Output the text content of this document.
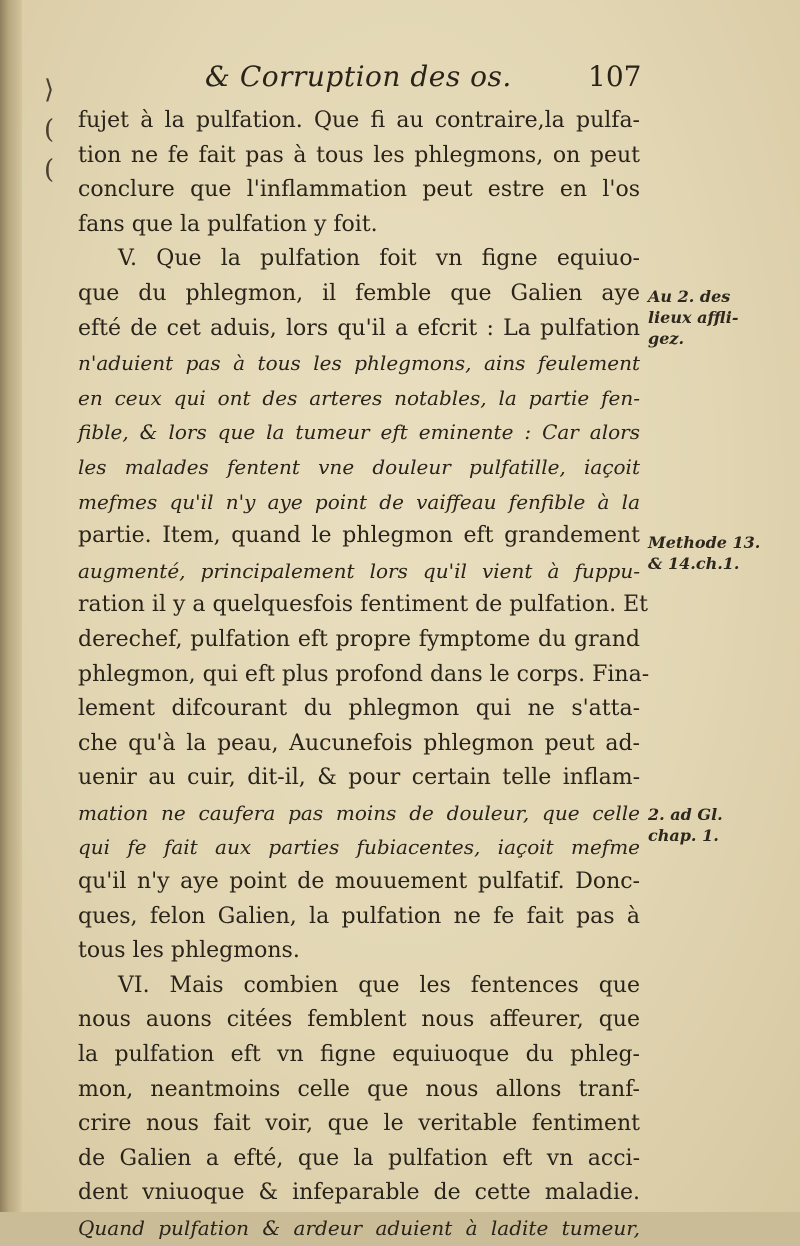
⟩
(
(
& Corruption des os.	107
fujet à la pulfation. Que fi au contraire,la pulfa-
tion ne fe fait pas à tous les phlegmons, on peut
conclure que l'inflammation peut estre en l'os
fans que la pulfation y foit.
V. Que la pulfation foit vn figne equiuo-
que du phlegmon, il femble que Galien aye
efté de cet aduis, lors qu'il a efcrit : La pulfation
n'aduient pas à tous les phlegmons, ains feulement
en ceux qui ont des arteres notables, la partie fen-
fible, & lors que la tumeur eft eminente : Car alors
les malades fentent vne douleur pulfatille, iaçoit
mefmes qu'il n'y aye point de vaiffeau fenfible à la
partie. Item, quand le phlegmon eft grandement
augmenté, principalement lors qu'il vient à fuppu-
ration il y a quelquesfois fentiment de pulfation. Et
derechef, pulfation eft propre fymptome du grand
phlegmon, qui eft plus profond dans le corps. Fina-
lement difcourant du phlegmon qui ne s'atta-
che qu'à la peau, Aucunefois phlegmon peut ad-
uenir au cuir, dit-il, & pour certain telle inflam-
mation ne caufera pas moins de douleur, que celle
qui fe fait aux parties fubiacentes, iaçoit mefme
qu'il n'y aye point de mouuement pulfatif. Donc-
ques, felon Galien, la pulfation ne fe fait pas à
tous les phlegmons.
VI. Mais combien que les fentences que
nous auons citées femblent nous affeurer, que
la pulfation eft vn figne equiuoque du phleg-
mon, neantmoins celle que nous allons tranf-
crire nous fait voir, que le veritable fentiment
de Galien a efté, que la pulfation eft vn acci-
dent vniuoque & infeparable de cette maladie.
Quand pulfation & ardeur aduient à ladite tumeur,
Au 2. des
lieux affli-
gez.
Methode 13.
& 14.ch.1.
2. ad Gl.
chap. 1.
